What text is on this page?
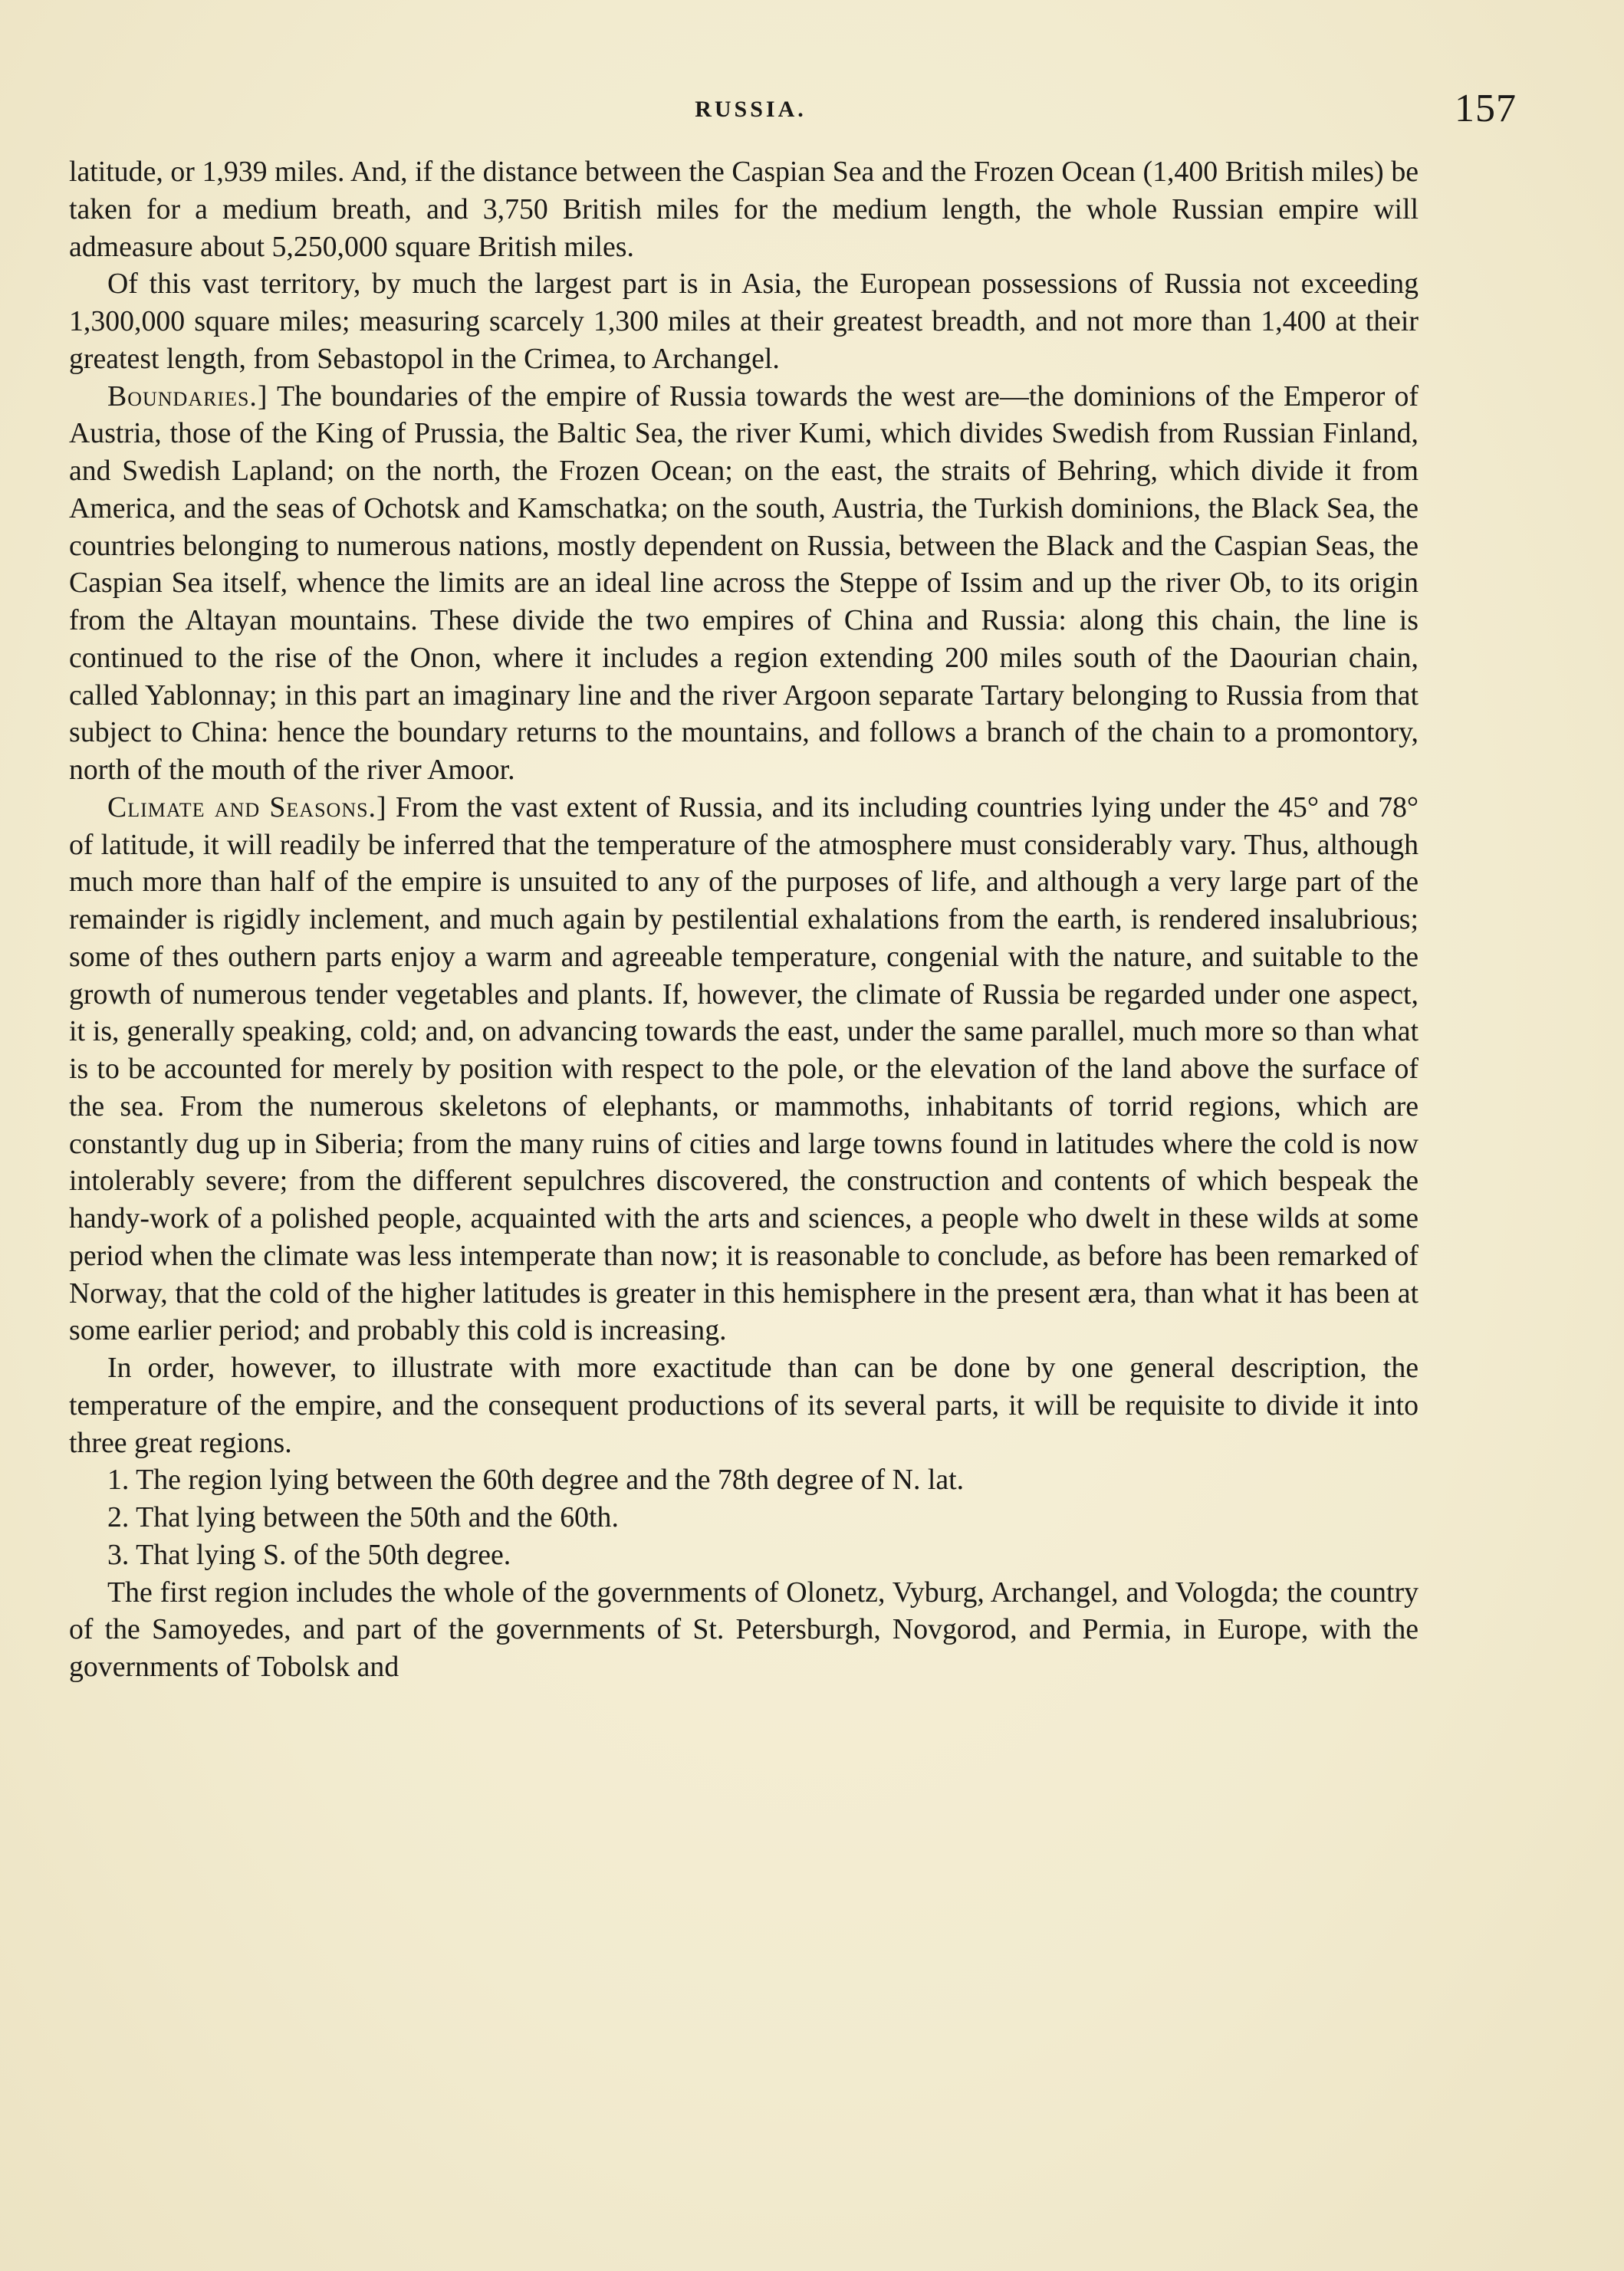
RUSSIA.	157

latitude, or 1,939 miles. And, if the distance between the Caspian Sea and the Frozen Ocean (1,400 British miles) be taken for a medium breath, and 3,750 British miles for the medium length, the whole Russian empire will admeasure about 5,250,000 square British miles.

Of this vast territory, by much the largest part is in Asia, the European possessions of Russia not exceeding 1,300,000 square miles; measuring scarcely 1,300 miles at their greatest breadth, and not more than 1,400 at their greatest length, from Sebastopol in the Crimea, to Archangel.

Boundaries.] The boundaries of the empire of Russia towards the west are—the dominions of the Emperor of Austria, those of the King of Prussia, the Baltic Sea, the river Kumi, which divides Swedish from Russian Finland, and Swedish Lapland; on the north, the Frozen Ocean; on the east, the straits of Behring, which divide it from America, and the seas of Ochotsk and Kamschatka; on the south, Austria, the Turkish dominions, the Black Sea, the countries belonging to numerous nations, mostly dependent on Russia, between the Black and the Caspian Seas, the Caspian Sea itself, whence the limits are an ideal line across the Steppe of Issim and up the river Ob, to its origin from the Altayan mountains. These divide the two empires of China and Russia: along this chain, the line is continued to the rise of the Onon, where it includes a region extending 200 miles south of the Daourian chain, called Yablonnay; in this part an imaginary line and the river Argoon separate Tartary belonging to Russia from that subject to China: hence the boundary returns to the mountains, and follows a branch of the chain to a promontory, north of the mouth of the river Amoor.

Climate and Seasons.] From the vast extent of Russia, and its including countries lying under the 45° and 78° of latitude, it will readily be inferred that the temperature of the atmosphere must considerably vary. Thus, although much more than half of the empire is unsuited to any of the purposes of life, and although a very large part of the remainder is rigidly inclement, and much again by pestilential exhalations from the earth, is rendered insalubrious; some of thes outhern parts enjoy a warm and agreeable temperature, congenial with the nature, and suitable to the growth of numerous tender vegetables and plants. If, however, the climate of Russia be regarded under one aspect, it is, generally speaking, cold; and, on advancing towards the east, under the same parallel, much more so than what is to be accounted for merely by position with respect to the pole, or the elevation of the land above the surface of the sea. From the numerous skeletons of elephants, or mammoths, inhabitants of torrid regions, which are constantly dug up in Siberia; from the many ruins of cities and large towns found in latitudes where the cold is now intolerably severe; from the different sepulchres discovered, the construction and contents of which bespeak the handy-work of a polished people, acquainted with the arts and sciences, a people who dwelt in these wilds at some period when the climate was less intemperate than now; it is reasonable to conclude, as before has been remarked of Norway, that the cold of the higher latitudes is greater in this hemisphere in the present æra, than what it has been at some earlier period; and probably this cold is increasing.

In order, however, to illustrate with more exactitude than can be done by one general description, the temperature of the empire, and the consequent productions of its several parts, it will be requisite to divide it into three great regions.

1. The region lying between the 60th degree and the 78th degree of N. lat.

2. That lying between the 50th and the 60th.

3. That lying S. of the 50th degree.

The first region includes the whole of the governments of Olonetz, Vyburg, Archangel, and Vologda; the country of the Samoyedes, and part of the governments of St. Petersburgh, Novgorod, and Permia, in Europe, with the governments of Tobolsk and
